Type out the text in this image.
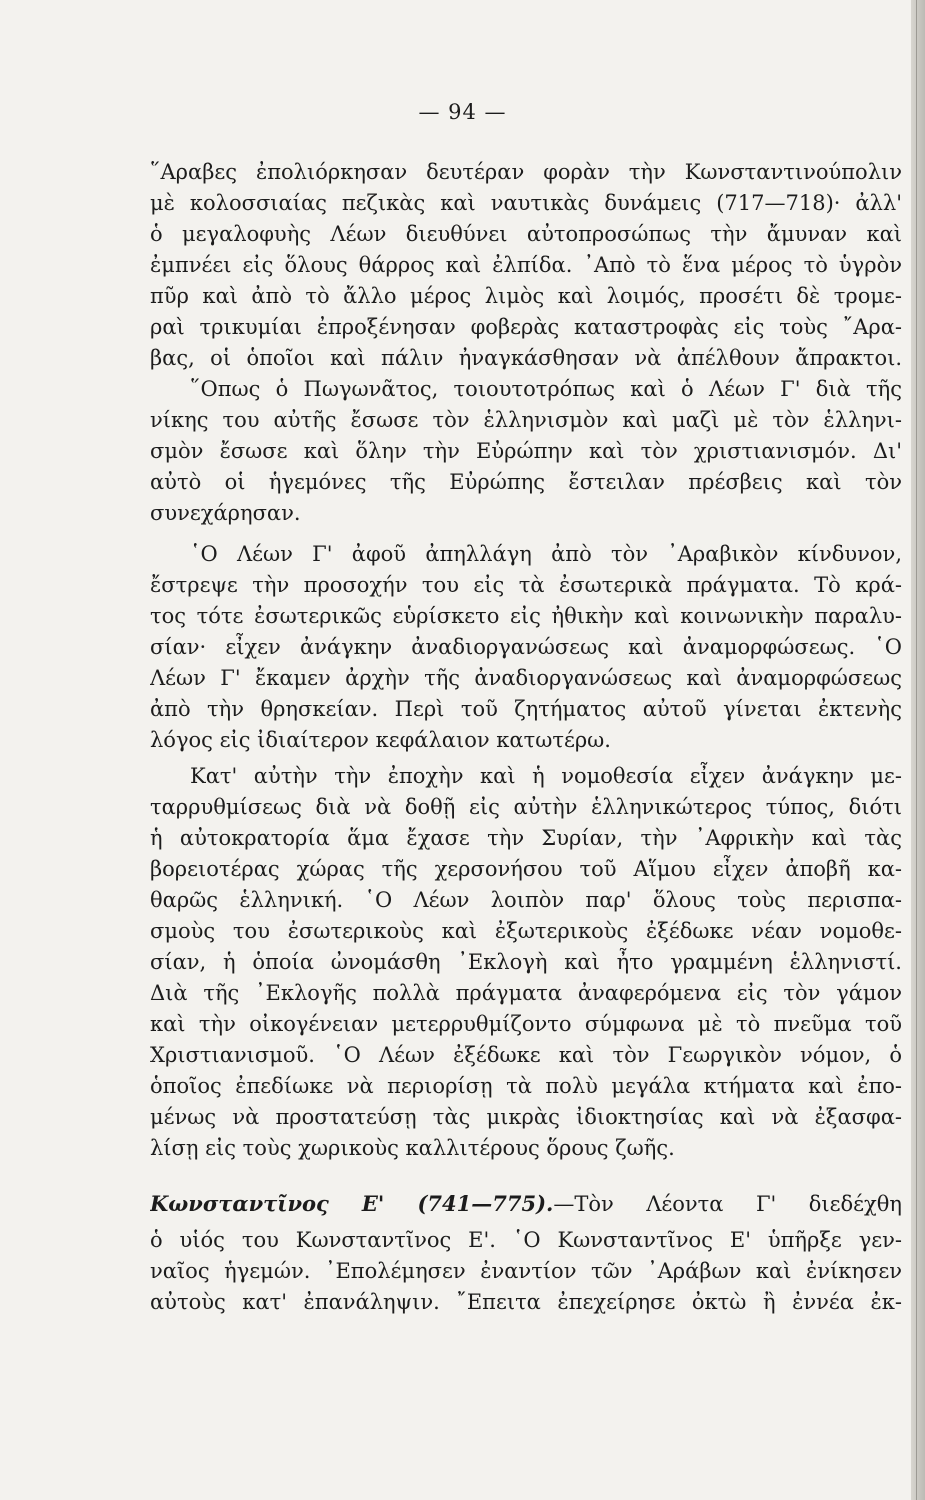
— 94 —
῞Αραβες ἐπολιόρκησαν δευτέραν φορὰν τὴν Κωνσταντινούπολιν
μὲ κολοσσιαίας πεζικὰς καὶ ναυτικὰς δυνάμεις (717—718)· ἀλλ'
ὁ μεγαλοφυὴς Λέων διευθύνει αὐτοπροσώπως τὴν ἄμυναν καὶ
ἐμπνέει εἰς ὅλους θάρρος καὶ ἐλπίδα. ᾽Απὸ τὸ ἕνα μέρος τὸ ὑγρὸν
πῦρ καὶ ἀπὸ τὸ ἄλλο μέρος λιμὸς καὶ λοιμός, προσέτι δὲ τρομε-
ραὶ τρικυμίαι ἐπροξένησαν φοβερὰς καταστροφὰς εἰς τοὺς ῎Αρα-
βας, οἱ ὁποῖοι καὶ πάλιν ἠναγκάσθησαν νὰ ἀπέλθουν ἄπρακτοι.
῞Οπως ὁ Πωγωνᾶτος, τοιουτοτρόπως καὶ ὁ Λέων Γ' διὰ τῆς
νίκης του αὐτῆς ἔσωσε τὸν ἑλληνισμὸν καὶ μαζὶ μὲ τὸν ἑλληνι-
σμὸν ἔσωσε καὶ ὅλην τὴν Εὐρώπην καὶ τὸν χριστιανισμόν. Δι'
αὐτὸ οἱ ἡγεμόνες τῆς Εὐρώπης ἔστειλαν πρέσβεις καὶ τὸν
συνεχάρησαν.
῾Ο Λέων Γ' ἀφοῦ ἀπηλλάγη ἀπὸ τὸν ᾽Αραβικὸν κίνδυνον,
ἔστρεψε τὴν προσοχήν του εἰς τὰ ἐσωτερικὰ πράγματα. Τὸ κρά-
τος τότε ἐσωτερικῶς εὑρίσκετο εἰς ἠθικὴν καὶ κοινωνικὴν παραλυ-
σίαν· εἶχεν ἀνάγκην ἀναδιοργανώσεως καὶ ἀναμορφώσεως. ῾Ο
Λέων Γ' ἔκαμεν ἀρχὴν τῆς ἀναδιοργανώσεως καὶ ἀναμορφώσεως
ἀπὸ τὴν θρησκείαν. Περὶ τοῦ ζητήματος αὐτοῦ γίνεται ἐκτενὴς
λόγος εἰς ἰδιαίτερον κεφάλαιον κατωτέρω.
Κατ' αὐτὴν τὴν ἐποχὴν καὶ ἡ νομοθεσία εἶχεν ἀνάγκην με-
ταρρυθμίσεως διὰ νὰ δοθῇ εἰς αὐτὴν ἑλληνικώτερος τύπος, διότι
ἡ αὐτοκρατορία ἅμα ἔχασε τὴν Συρίαν, τὴν ᾽Αφρικὴν καὶ τὰς
βορειοτέρας χώρας τῆς χερσονήσου τοῦ Αἵμου εἶχεν ἀποβῆ κα-
θαρῶς ἑλληνική. ῾Ο Λέων λοιπὸν παρ' ὅλους τοὺς περισπα-
σμοὺς του ἐσωτερικοὺς καὶ ἐξωτερικοὺς ἐξέδωκε νέαν νομοθε-
σίαν, ἡ ὁποία ὠνομάσθη ᾽Εκλογὴ καὶ ἦτο γραμμένη ἑλληνιστί.
Διὰ τῆς ᾽Εκλογῆς πολλὰ πράγματα ἀναφερόμενα εἰς τὸν γάμον
καὶ τὴν οἰκογένειαν μετερρυθμίζοντο σύμφωνα μὲ τὸ πνεῦμα τοῦ
Χριστιανισμοῦ. ῾Ο Λέων ἐξέδωκε καὶ τὸν Γεωργικὸν νόμον, ὁ
ὁποῖος ἐπεδίωκε νὰ περιορίσῃ τὰ πολὺ μεγάλα κτήματα καὶ ἐπο-
μένως νὰ προστατεύσῃ τὰς μικρὰς ἰδιοκτησίας καὶ νὰ ἐξασφα-
λίσῃ εἰς τοὺς χωρικοὺς καλλιτέρους ὅρους ζωῆς.
Κωνσταντῖνος Ε' (741—775).—Τὸν Λέοντα Γ' διεδέχθη
ὁ υἱός του Κωνσταντῖνος Ε'. ῾Ο Κωνσταντῖνος Ε' ὑπῆρξε γεν-
ναῖος ἡγεμών. ᾽Επολέμησεν ἐναντίον τῶν ᾽Αράβων καὶ ἐνίκησεν
αὐτοὺς κατ' ἐπανάληψιν. ῎Επειτα ἐπεχείρησε ὀκτὼ ἢ ἐννέα ἐκ-
